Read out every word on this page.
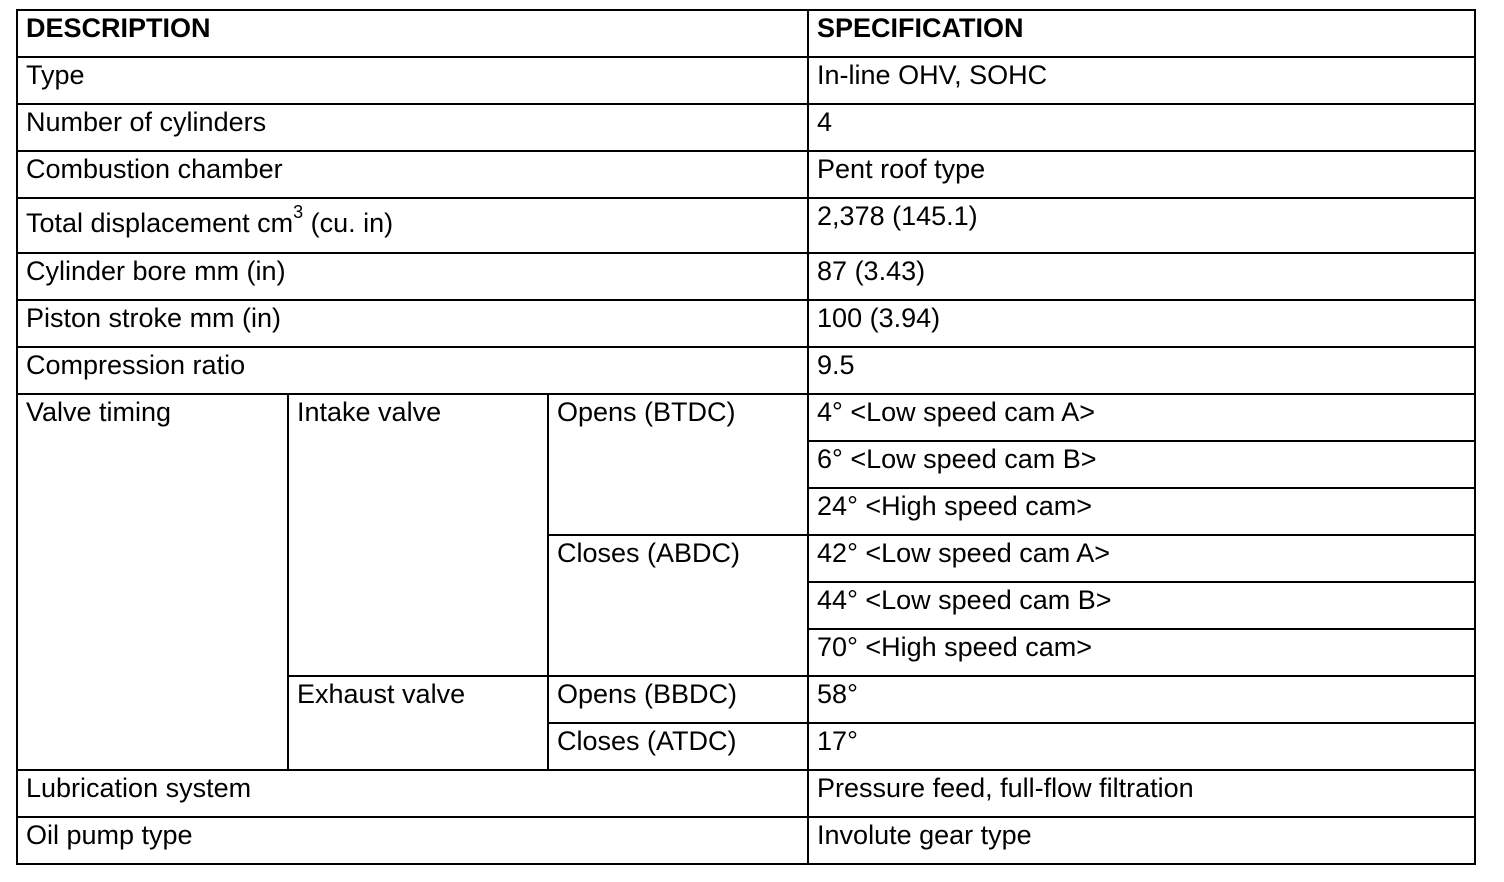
DESCRIPTION			SPECIFICATION
Type			In-line OHV, SOHC
Number of cylinders			4
Combustion chamber			Pent roof type
Total displacement $cm^3$ (cu. in)			2,378 (145.1)
Cylinder bore mm (in)			87 (3.43)
Piston stroke mm (in)			100 (3.94)
Compression ratio			9.5
Valve timing	Intake valve	Opens (BTDC)	4° <Low speed cam A>
			6° <Low speed cam B>
			24° <High speed cam>
		Closes (ABDC)	42° <Low speed cam A>
			44° <Low speed cam B>
			70° <High speed cam>
	Exhaust valve	Opens (BBDC)	58°
		Closes (ATDC)	17°
Lubrication system			Pressure feed, full-flow filtration
Oil pump type			Involute gear type
